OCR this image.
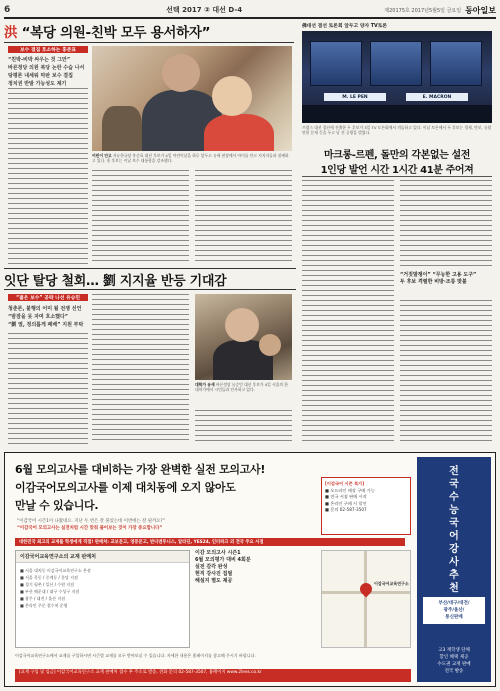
6	선택 2017 ② 대선 D-4	제20175호 2017년5월5일 금요일 동아일보
洪 “복당 의원-친박 모두 용서하자”
보수 결집 호소하는 홍준표
“친박-비박 싸우는 것 그만”
바른정당 의원 복당 논란 수습 나서
탕평론 내세워 막판 보수 결집
정치권 반발 가능성도 제기
어린이 안고 자유한국당 홍준표 대선 후보가 4일 어린이날을 하루 앞두고 유세 현장에서 아이를 안고 지지자들과 함께하고 있다. 홍 후보는 이날 보수 대통합을 강조했다.
佛대선 결선 토론회 앞두고 양자 TV토론
M. LE PEN	E. MACRON
프랑스 대선 결선에 진출한 두 후보가 3일 TV 토론회에서 격돌하고 있다. 이날 토론에서 두 후보는 경제, 안보, 유럽연합 문제 등을 두고 날 선 공방을 벌였다.
마크롱-르펜, 돌만의 각본없는 설전
1인당 발언 시간 1시간 41분 주어져
“거짓말쟁이” “무능한 고용 도구”
두 후보 격렬한 비방·조롱 맞불
잇단 탈당 철회… 劉 지지율 반등 기대감
“젊은 보수” 공략 나선 유승민
청춘론, 불행의 어미 될 전쟁 선언
“밤잠을 못 자며 호소했다”
“劉 열, 정의롭게 패배” 지원 부탁
대학가 유세 바른정당 유승민 대선 후보가 4일 서울의 한 대학가에서 시민들과 인사하고 있다.
6월 모의고사를 대비하는 가장 완벽한 실전 모의고사!
이감국어모의고사를 이제 대치동에 오지 않아도
만날 수 있습니다.
“이감국어 시즌1이 나왔네요. 지난 두 번은 잘 풀었는데 이번에는 잘 될까요?”
“이감국어 모의고사는 실전처럼 시간 맞춰 풀어보는 것이 가장 중요합니다”
대한민국 최고의 교재를 학생에게 직접! 판매처: 교보문고, 영풍문고, 반디앤루니스, 알라딘, YES24, 인터파크 외 전국 주요 서점
이감국어교육연구소의 교재 판매처
■ 서울 대치동 이감국어교육연구소 본점
■ 서울 목동 / 중계동 / 분당 지점
■ 경기 평촌 / 일산 / 수원 지점
■ 부산 해운대 / 대구 수성구 지점
■ 광주 / 대전 / 울산 지점
■ 온라인 주문 접수처 운영
이감 모의고사 시즌1
6월 모의평가 대비 4회분
실전 감각 완성
현직 강사진 집필
해설지 별도 제공
[이감국어 시즌 특가]
■ 오프라인 매장 구매 가능
■ 전국 서점 판매 시작
■ 온라인 구매 시 할인
■ 문의 02-587-3507
이감국어교육연구소
이감국어교육연구소에서 교재를 구입하시면 시즌별 교재를 모두 받아보실 수 있습니다. 자세한 내용은 홈페이지를 참고해 주시기 바랍니다.
[교재 구입 및 입금] 이감국어교육연구소 교재 판매처 접수 후 주소로 발송, 전화 문의 02-587-3507, 홈페이지 www.2lees.co.kr
전
국
수
능
국
어
강
사
추
천
부산/대구/대전/
광주/울산/
통신판매
고3 재학생 단체
할인 혜택 제공
수도권 교재 판매
전국 발송
